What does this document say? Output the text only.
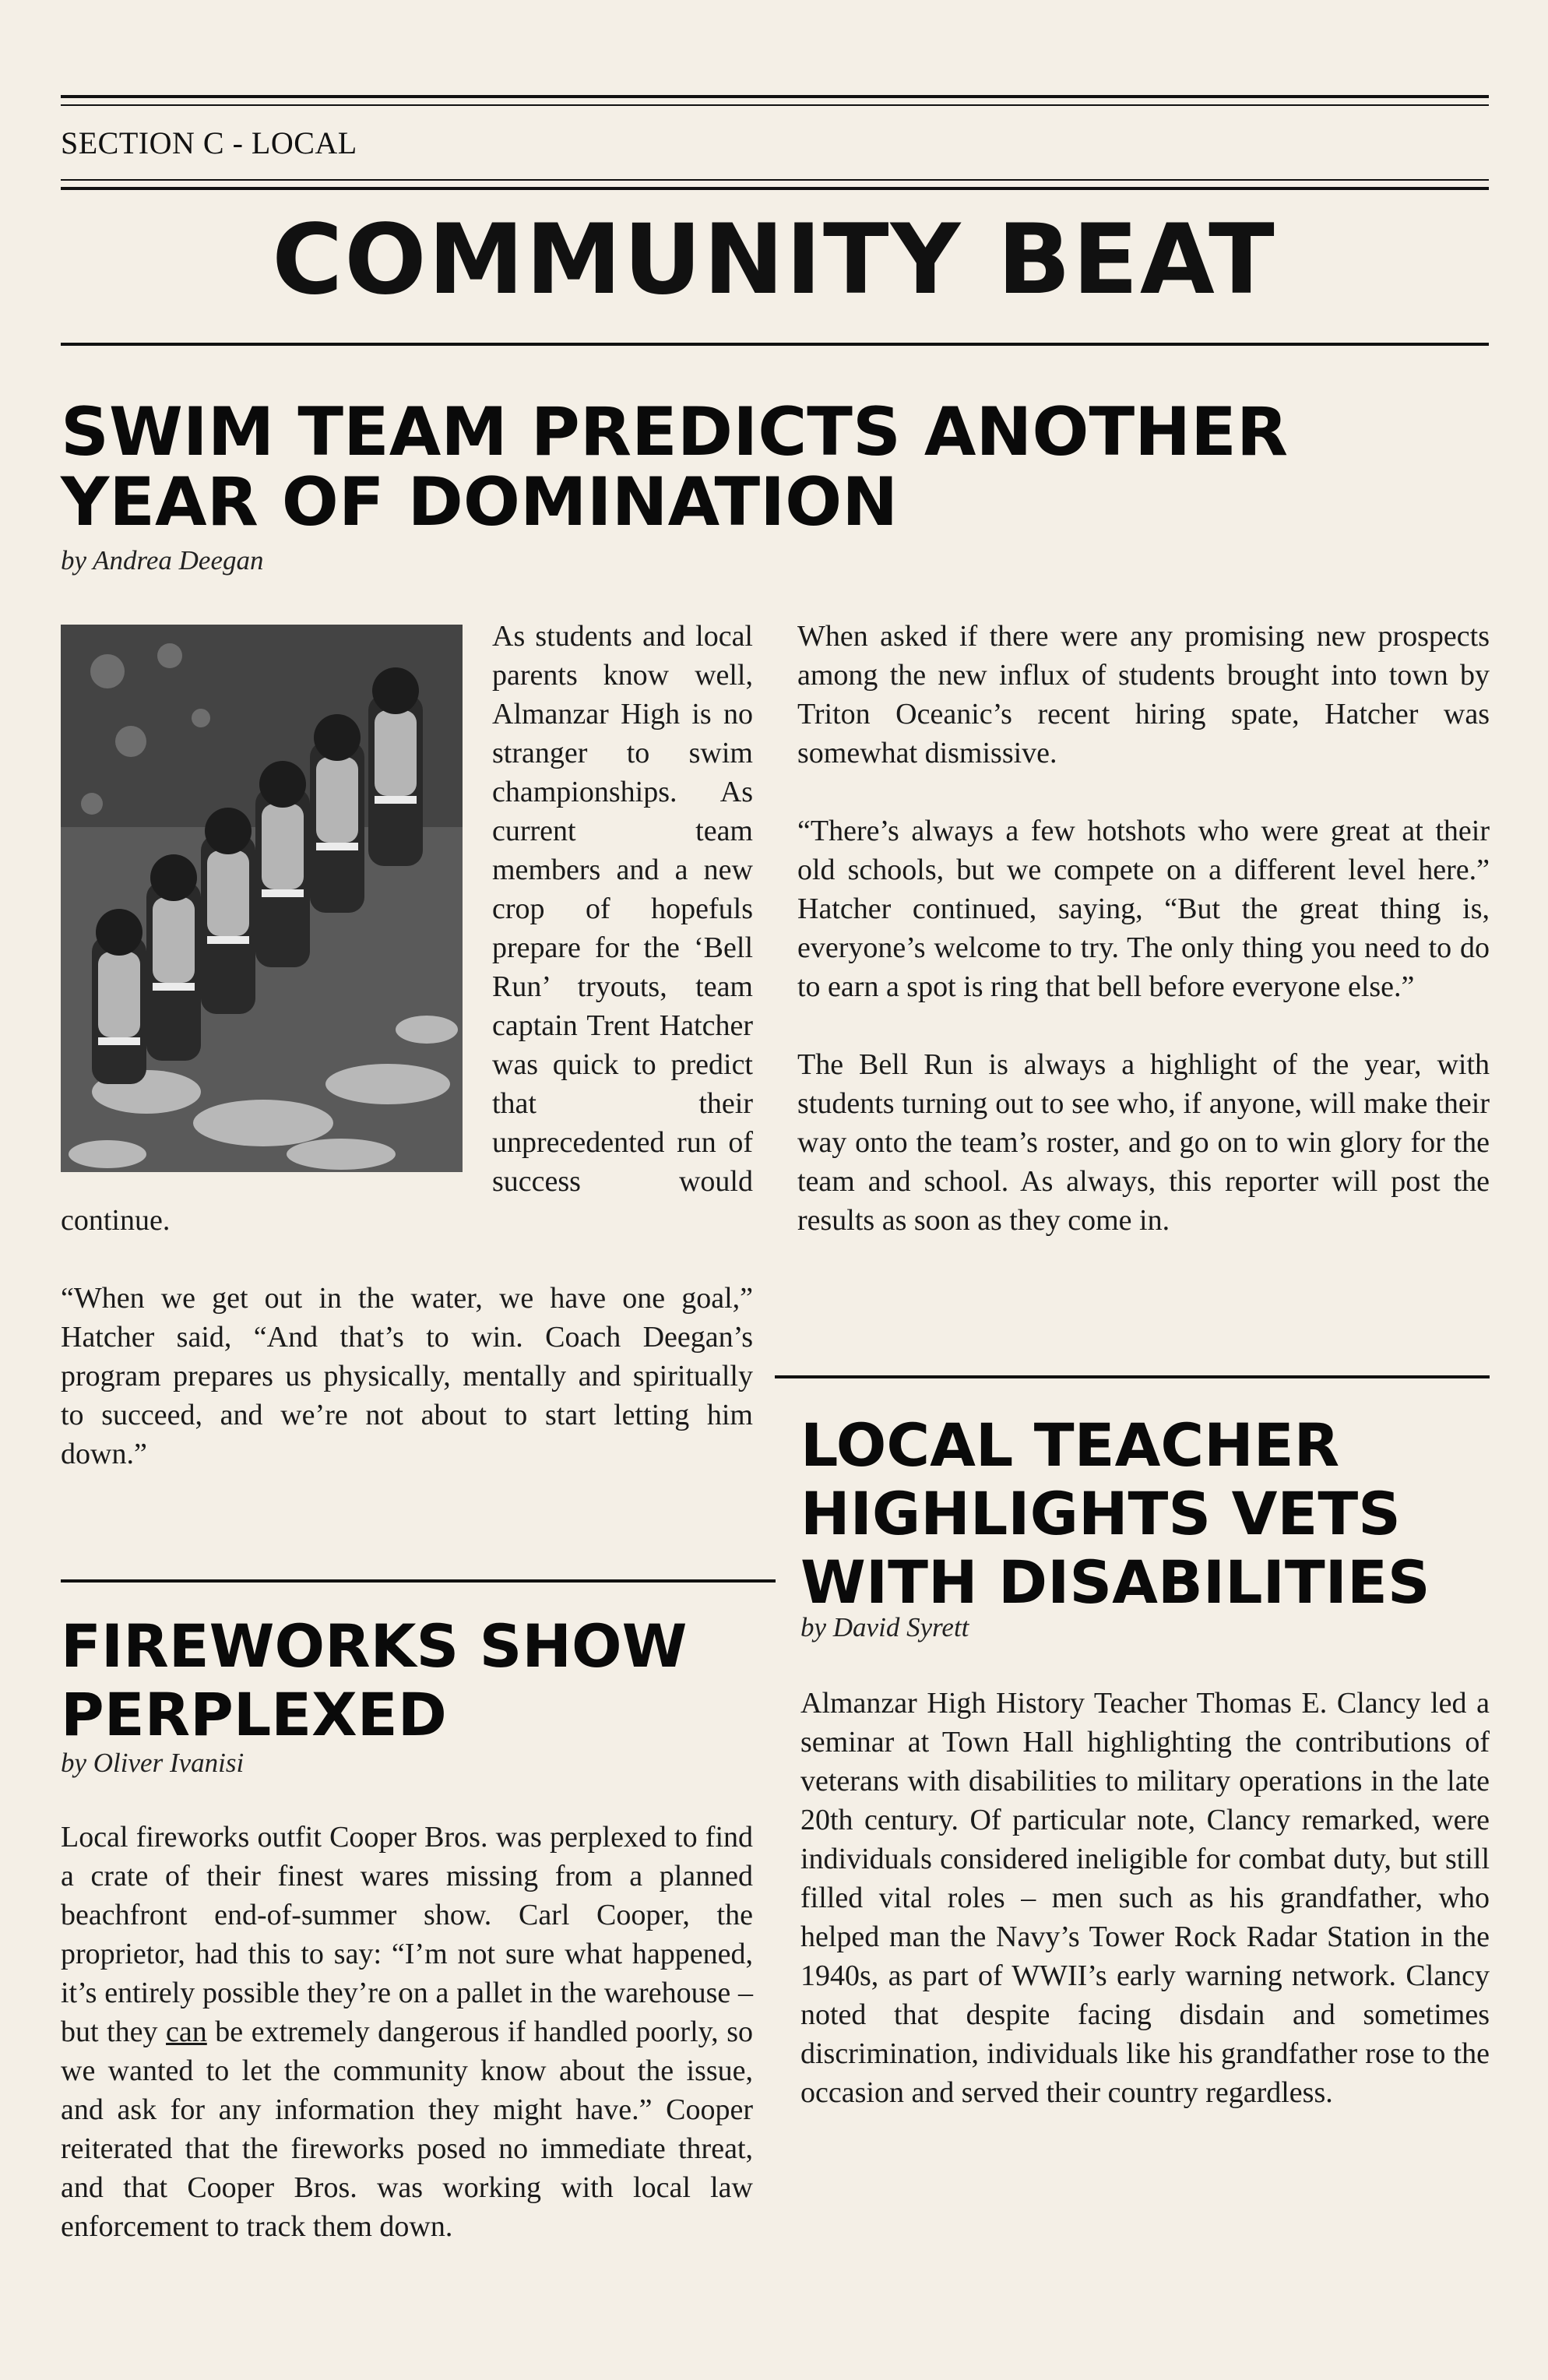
SECTION C - LOCAL
COMMUNITY BEAT
SWIM TEAM PREDICTS ANOTHER
YEAR OF DOMINATION
by Andrea Deegan

As students and local parents know well, Almanzar High is no stranger to swim championships. As current team members and a new crop of hopefuls prepare for the ‘Bell Run’ tryouts, team captain Trent Hatcher was quick to predict that their unprecedented run of success would continue.

“When we get out in the water, we have one goal,” Hatcher said, “And that’s to win. Coach Deegan’s program prepares us physically, mentally and spiritually to succeed, and we’re not about to start letting him down.”

When asked if there were any promising new prospects among the new influx of students brought into town by Triton Oceanic’s recent hiring spate, Hatcher was somewhat dismissive.

“There’s always a few hotshots who were great at their old schools, but we compete on a different level here.” Hatcher continued, saying, “But the great thing is, everyone’s welcome to try. The only thing you need to do to earn a spot is ring that bell before everyone else.”

The Bell Run is always a highlight of the year, with students turning out to see who, if anyone, will make their way onto the team’s roster, and go on to win glory for the team and school. As always, this reporter will post the results as soon as they come in.

LOCAL TEACHER
HIGHLIGHTS VETS
WITH DISABILITIES
by David Syrett

Almanzar High History Teacher Thomas E. Clancy led a seminar at Town Hall highlighting the contributions of veterans with disabilities to military operations in the late 20th century. Of particular note, Clancy remarked, were individuals considered ineligible for combat duty, but still filled vital roles – men such as his grandfather, who helped man the Navy’s Tower Rock Radar Station in the 1940s, as part of WWII’s early warning network. Clancy noted that despite facing disdain and sometimes discrimination, individuals like his grandfather rose to the occasion and served their country regardless.

FIREWORKS SHOW
PERPLEXED
by Oliver Ivanisi

Local fireworks outfit Cooper Bros. was perplexed to find a crate of their finest wares missing from a planned beachfront end-of-summer show. Carl Cooper, the proprietor, had this to say: “I’m not sure what happened, it’s entirely possible they’re on a pallet in the warehouse – but they can be extremely dangerous if handled poorly, so we wanted to let the community know about the issue, and ask for any information they might have.” Cooper reiterated that the fireworks posed no immediate threat, and that Cooper Bros. was working with local law enforcement to track them down.
